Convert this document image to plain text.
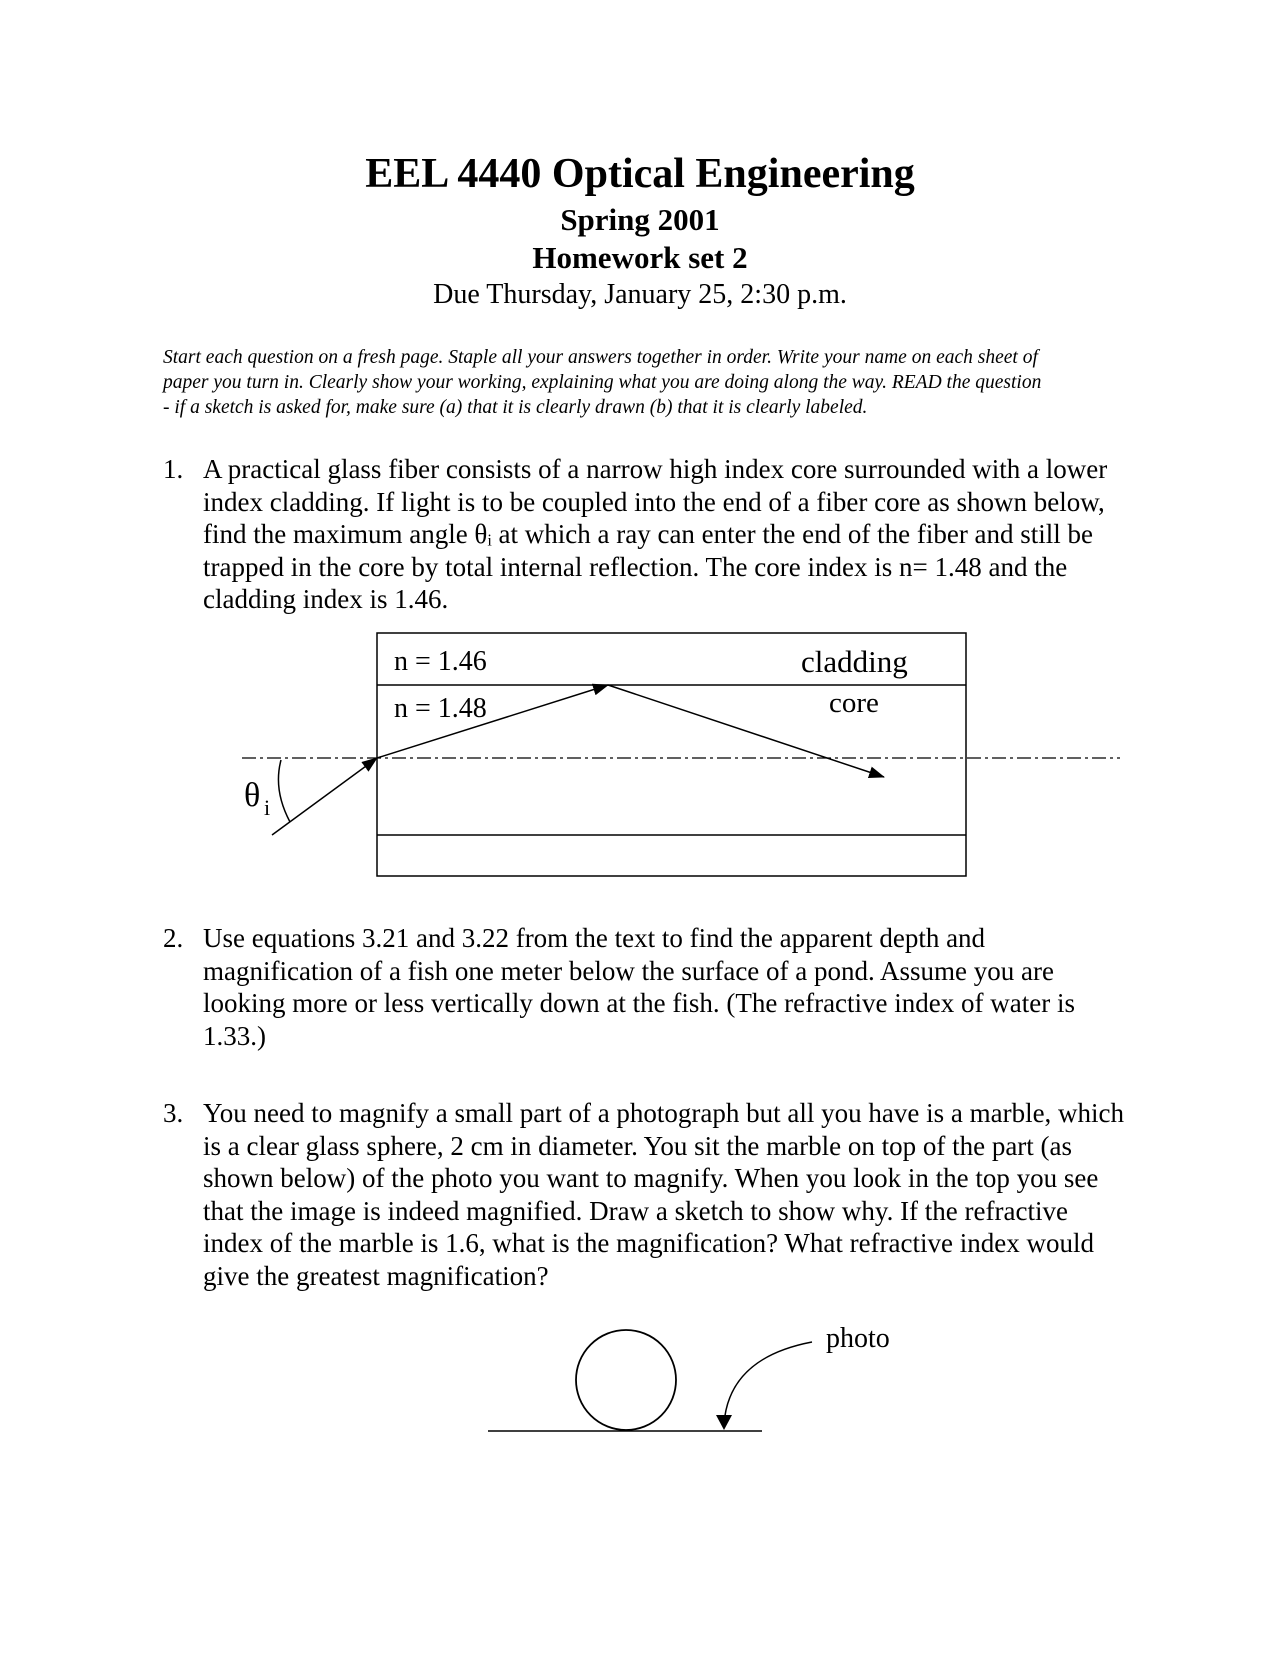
EEL 4440 Optical Engineering
Spring 2001
Homework set 2
Due Thursday, January 25, 2:30 p.m.
Start each question on a fresh page. Staple all your answers together in order. Write your name on each sheet of
paper you turn in. Clearly show your working, explaining what you are doing along the way. READ the question
- if a sketch is asked for, make sure (a) that it is clearly drawn (b) that it is clearly labeled.
1. A practical glass fiber consists of a narrow high index core surrounded with a lower
index cladding. If light is to be coupled into the end of a fiber core as shown below,
find the maximum angle θᵢ at which a ray can enter the end of the fiber and still be
trapped in the core by total internal reflection. The core index is n= 1.48 and the
cladding index is 1.46.
n = 1.46
n = 1.48
cladding
core
θ i
2. Use equations 3.21 and 3.22 from the text to find the apparent depth and
magnification of a fish one meter below the surface of a pond. Assume you are
looking more or less vertically down at the fish. (The refractive index of water is
1.33.)
3. You need to magnify a small part of a photograph but all you have is a marble, which
is a clear glass sphere, 2 cm in diameter. You sit the marble on top of the part (as
shown below) of the photo you want to magnify. When you look in the top you see
that the image is indeed magnified. Draw a sketch to show why. If the refractive
index of the marble is 1.6, what is the magnification? What refractive index would
give the greatest magnification?
photo
